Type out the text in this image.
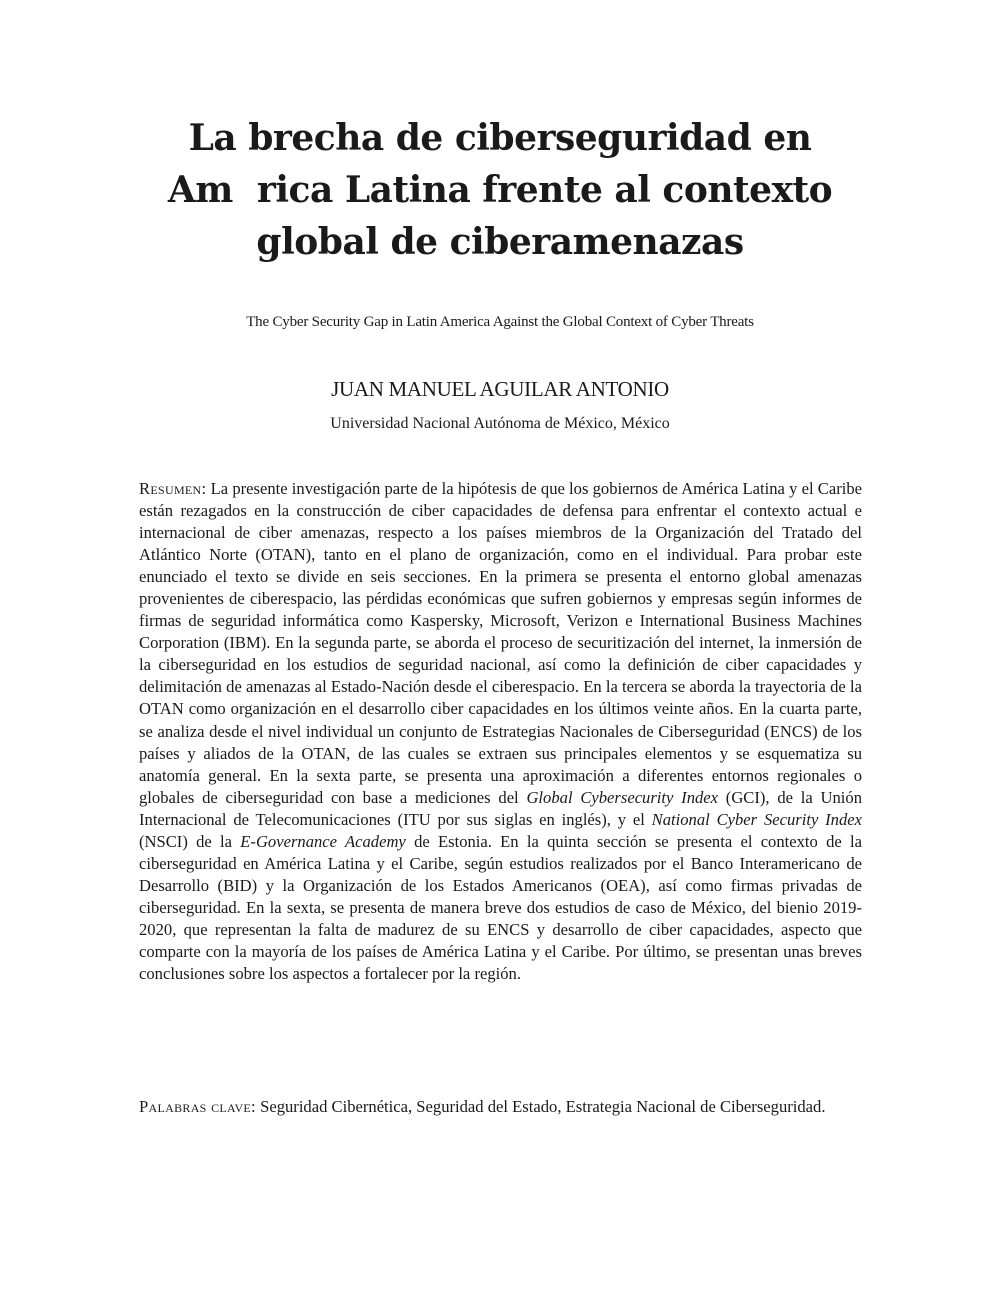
La brecha de ciberseguridad en
Am  rica Latina frente al contexto
global de ciberamenazas
The Cyber Security Gap in Latin America Against the Global Context of Cyber Threats
JUAN MANUEL AGUILAR ANTONIO
Universidad Nacional Autónoma de México, México

Resumen: La presente investigación parte de la hipótesis de que los gobiernos de América Latina y el Caribe están rezagados en la construcción de ciber capacidades de defensa para enfrentar el contexto actual e internacional de ciber amenazas, respecto a los países miembros de la Organización del Tratado del Atlántico Norte (OTAN), tanto en el plano de organización, como en el individual. Para probar este enunciado el texto se divide en seis secciones. En la primera se presenta el entorno global amenazas provenientes de ciberespacio, las pérdidas económicas que sufren gobiernos y empresas según informes de firmas de seguridad informática como Kaspersky, Microsoft, Verizon e International Business Machines Corporation (IBM). En la segunda parte, se aborda el proceso de securitización del internet, la inmersión de la ciberseguridad en los estudios de seguridad nacional, así como la definición de ciber capacidades y delimitación de amenazas al Estado-Nación desde el ciberespacio. En la tercera se aborda la trayectoria de la OTAN como organización en el desarrollo ciber capacidades en los últimos veinte años. En la cuarta parte, se analiza desde el nivel individual un conjunto de Estrategias Nacionales de Ciberseguridad (ENCS) de los países y aliados de la OTAN, de las cuales se extraen sus principales elementos y se esquematiza su anatomía general. En la sexta parte, se presenta una aproximación a diferentes entornos regionales o globales de ciberseguridad con base a mediciones del Global Cybersecurity Index (GCI), de la Unión Internacional de Telecomunicaciones (ITU por sus siglas en inglés), y el National Cyber Security Index (NSCI) de la E-Governance Academy de Estonia. En la quinta sección se presenta el contexto de la ciberseguridad en América Latina y el Caribe, según estudios realizados por el Banco Interamericano de Desarrollo (BID) y la Organización de los Estados Americanos (OEA), así como firmas privadas de ciberseguridad. En la sexta, se presenta de manera breve dos estudios de caso de México, del bienio 2019-2020, que representan la falta de madurez de su ENCS y desarrollo de ciber capacidades, aspecto que comparte con la mayoría de los países de América Latina y el Caribe. Por último, se presentan unas breves conclusiones sobre los aspectos a fortalecer por la región.

Palabras clave: Seguridad Cibernética, Seguridad del Estado, Estrategia Nacional de Ciberseguridad.
